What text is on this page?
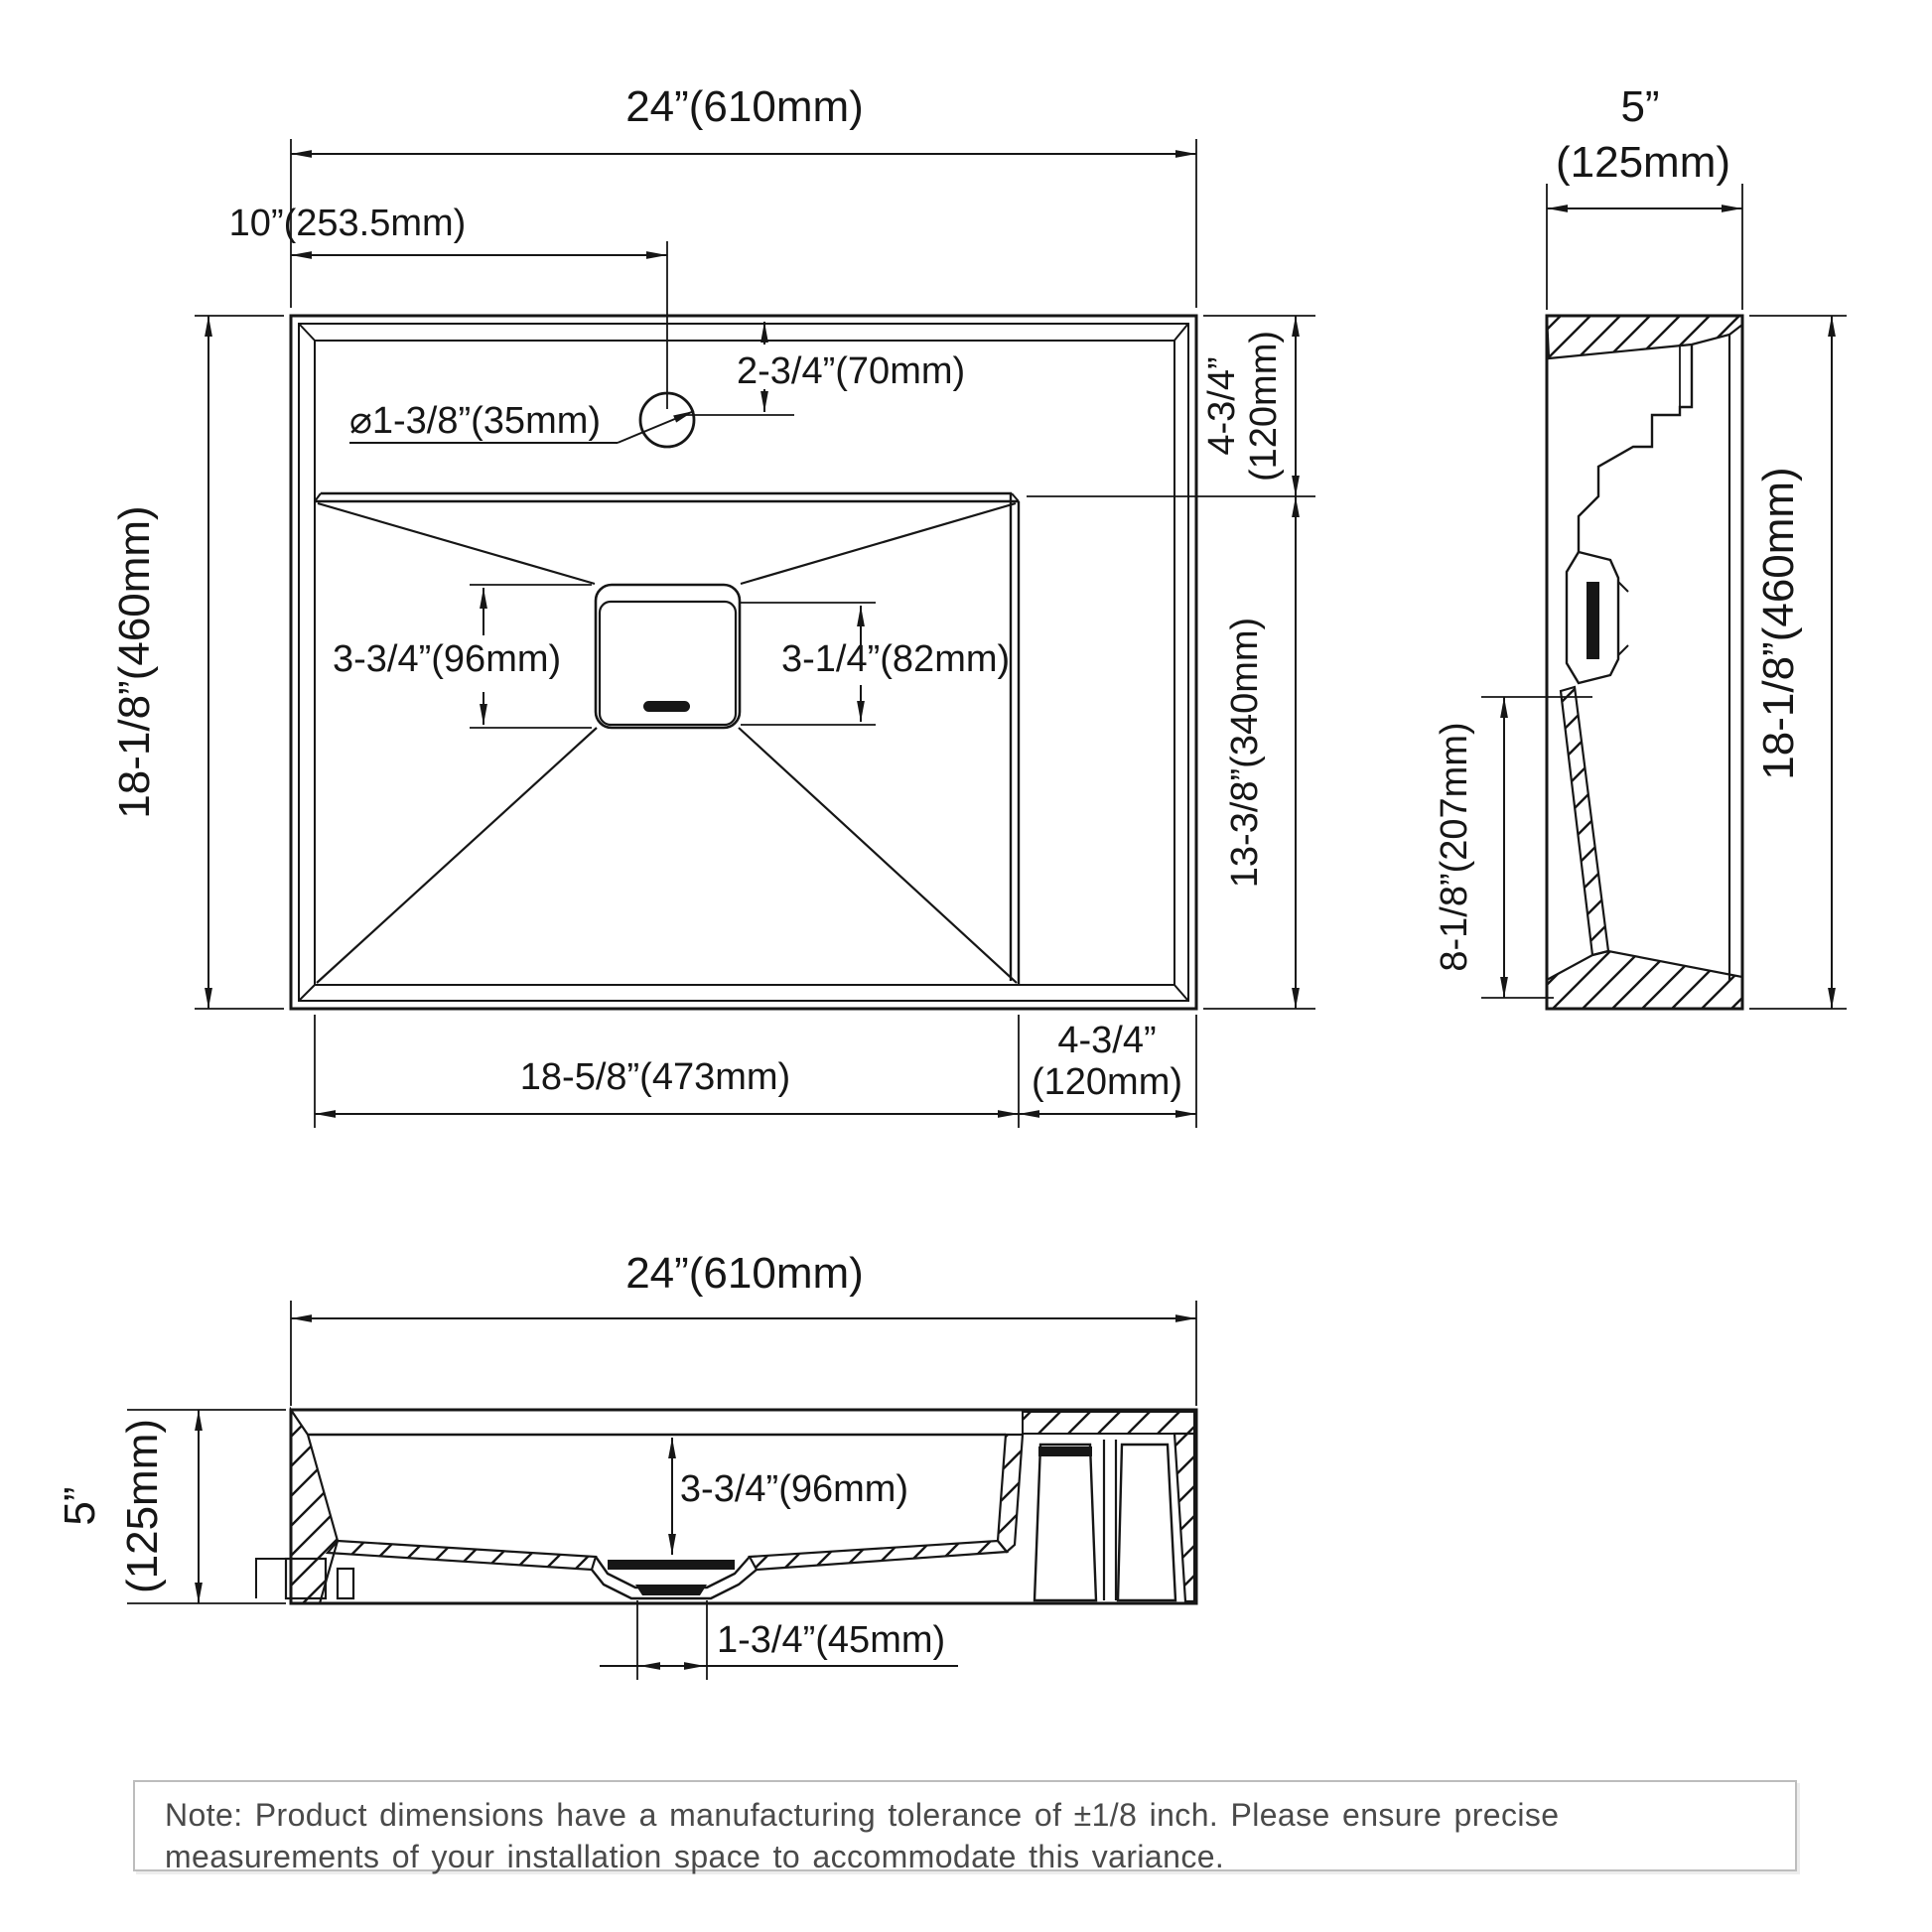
24”(610mm)
10”(253.5mm)
2-3/4”(70mm)
⌀1-3/8”(35mm)
18-1/8”(460mm)
4-3/4” (120mm)
13-3/8”(340mm)
3-3/4”(96mm)	3-1/4”(82mm)
18-5/8”(473mm)
4-3/4”
(120mm)
5”
(125mm)
18-1/8”(460mm)
8-1/8”(207mm)
24”(610mm)
5” (125mm)	3-3/4”(96mm)
1-3/4”(45mm)
Note: Product dimensions have a manufacturing tolerance of ±1/8 inch. Please ensure precise measurements of your installation space to accommodate this variance.
